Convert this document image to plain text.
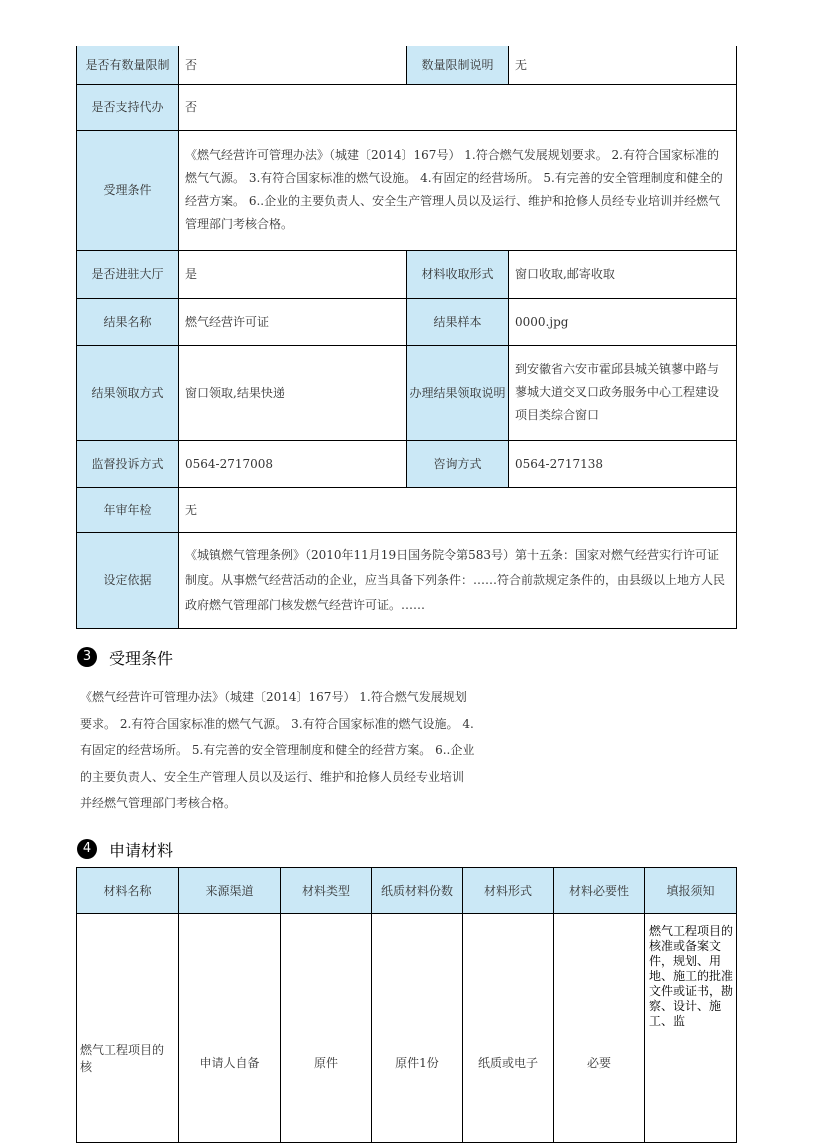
是否有数量限制	否	数量限制说明	无
是否支持代办	否		
受理条件	《燃气经营许可管理办法》（城建〔2014〕167号） 1.符合燃气发展规划要求。 2.有符合国家标准的燃气气源。 3.有符合国家标准的燃气设施。 4.有固定的经营场所。 5.有完善的安全管理制度和健全的经营方案。 6..企业的主要负责人、安全生产管理人员以及运行、维护和抢修人员经专业培训并经燃气管理部门考核合格。		
是否进驻大厅	是	材料收取形式	窗口收取,邮寄收取
结果名称	燃气经营许可证	结果样本	0000.jpg
结果领取方式	窗口领取,结果快递	办理结果领取说明	到安徽省六安市霍邱县城关镇蓼中路与蓼城大道交叉口政务服务中心工程建设项目类综合窗口
监督投诉方式	0564-2717008	咨询方式	0564-2717138
年审年检	无		
设定依据	《城镇燃气管理条例》（2010年11月19日国务院令第583号）第十五条：国家对燃气经营实行许可证制度。从事燃气经营活动的企业，应当具备下列条件：……符合前款规定条件的，由县级以上地方人民政府燃气管理部门核发燃气经营许可证。……		
3	受理条件

《燃气经营许可管理办法》（城建〔2014〕167号） 1.符合燃气发展规划要求。 2.有符合国家标准的燃气气源。 3.有符合国家标准的燃气设施。 4.有固定的经营场所。 5.有完善的安全管理制度和健全的经营方案。 6..企业的主要负责人、安全生产管理人员以及运行、维护和抢修人员经专业培训并经燃气管理部门考核合格。

4	申请材料
材料名称	来源渠道	材料类型	纸质材料份数	材料形式	材料必要性	填报须知
燃气工程项目的核	申请人自备	原件	原件1份	纸质或电子	必要	燃气工程项目的核准或备案文件，规划、用地、施工的批准文件或证书，勘察、设计、施工、监
